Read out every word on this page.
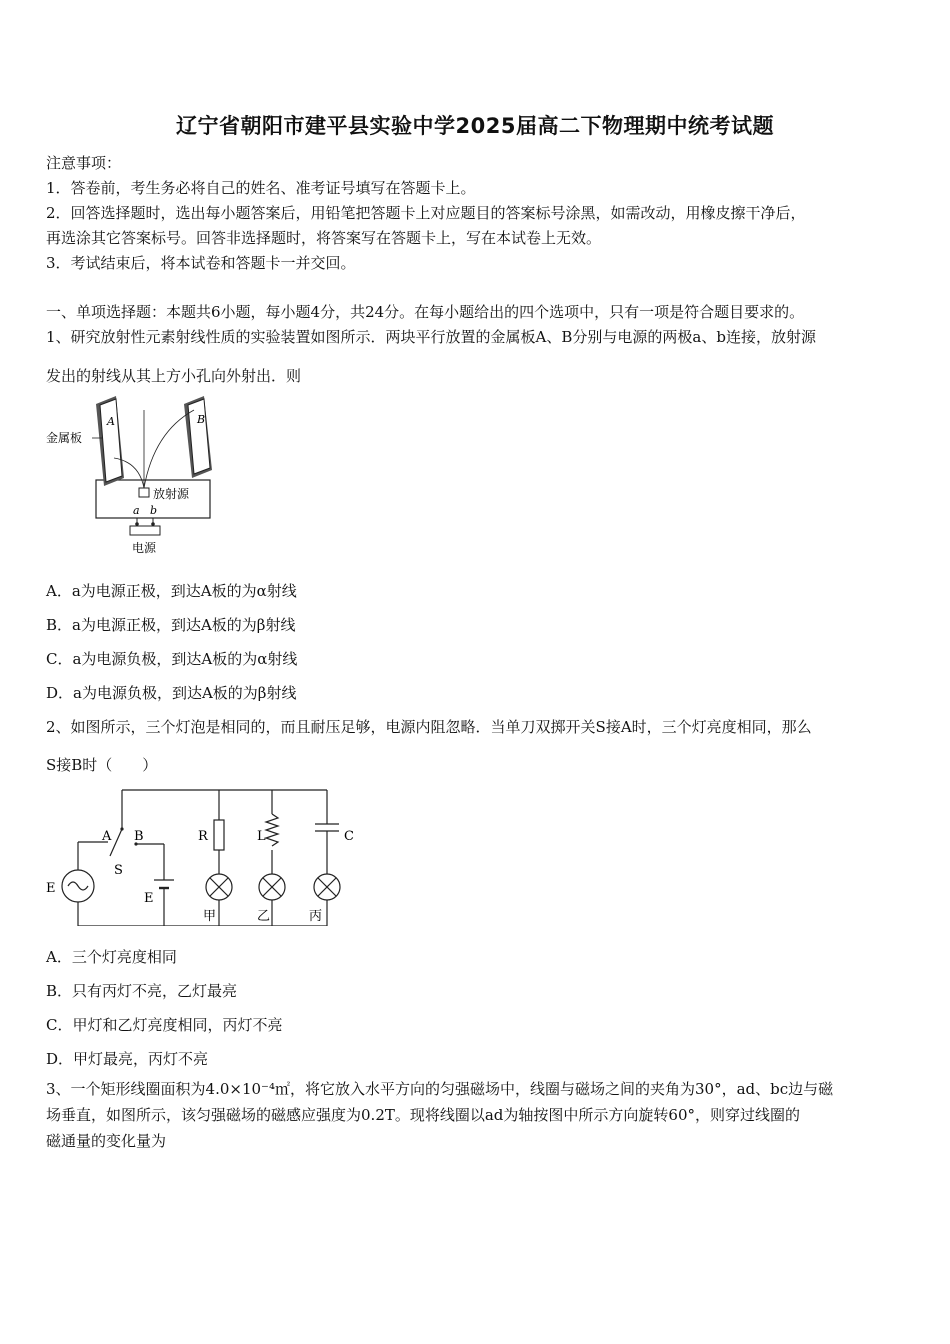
辽宁省朝阳市建平县实验中学2025届高二下物理期中统考试题
注意事项：
1．答卷前，考生务必将自己的姓名、准考证号填写在答题卡上。
2．回答选择题时，选出每小题答案后，用铅笔把答题卡上对应题目的答案标号涂黑，如需改动，用橡皮擦干净后，
再选涂其它答案标号。回答非选择题时，将答案写在答题卡上，写在本试卷上无效。
3．考试结束后，将本试卷和答题卡一并交回。
一、单项选择题：本题共6小题，每小题4分，共24分。在每小题给出的四个选项中，只有一项是符合题目要求的。
1、研究放射性元素射线性质的实验装置如图所示．两块平行放置的金属板A、B分别与电源的两极a、b连接，放射源
发出的射线从其上方小孔向外射出．则
A	B
放射源
金属板
a b
电源
A．a为电源正极，到达A板的为α射线
B．a为电源正极，到达A板的为β射线
C．a为电源负极，到达A板的为α射线
D．a为电源负极，到达A板的为β射线
2、如图所示，三个灯泡是相同的，而且耐压足够，电源内阻忽略．当单刀双掷开关S接A时，三个灯亮度相同，那么
S接B时（　　）
A B
S
E
E
R	L	C
甲	乙	丙
A．三个灯亮度相同
B．只有丙灯不亮，乙灯最亮
C．甲灯和乙灯亮度相同，丙灯不亮
D．甲灯最亮，丙灯不亮
3、一个矩形线圈面积为4.0×10⁻⁴㎡，将它放入水平方向的匀强磁场中，线圈与磁场之间的夹角为30°，ad、bc边与磁
场垂直，如图所示，该匀强磁场的磁感应强度为0.2T。现将线圈以ad为轴按图中所示方向旋转60°，则穿过线圈的
磁通量的变化量为
